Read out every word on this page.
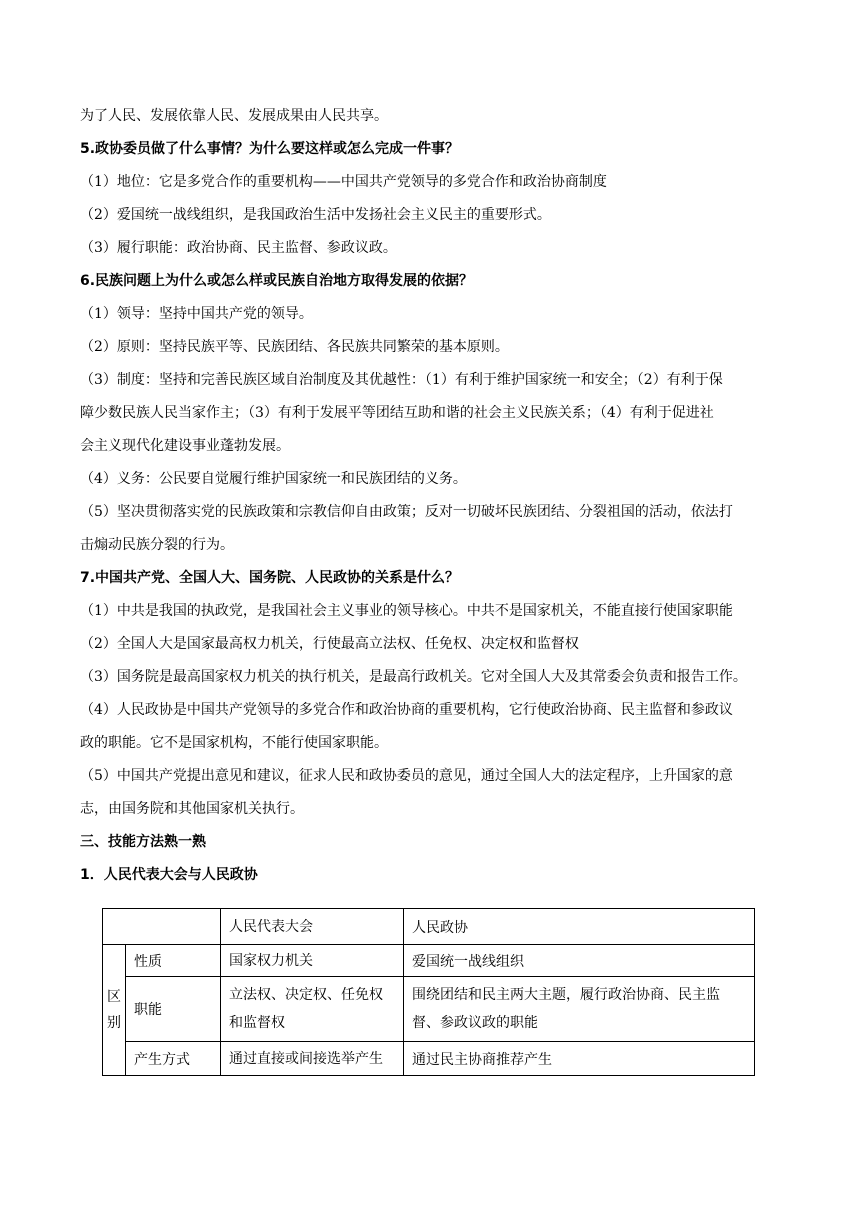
为了人民、发展依靠人民、发展成果由人民共享。
5.政协委员做了什么事情？为什么要这样或怎么完成一件事？
（1）地位：它是多党合作的重要机构——中国共产党领导的多党合作和政治协商制度
（2）爱国统一战线组织，是我国政治生活中发扬社会主义民主的重要形式。
（3）履行职能：政治协商、民主监督、参政议政。
6.民族问题上为什么或怎么样或民族自治地方取得发展的依据？
（1）领导：坚持中国共产党的领导。
（2）原则：坚持民族平等、民族团结、各民族共同繁荣的基本原则。
（3）制度：坚持和完善民族区域自治制度及其优越性：（1）有利于维护国家统一和安全；（2）有利于保
障少数民族人民当家作主；（3）有利于发展平等团结互助和谐的社会主义民族关系；（4）有利于促进社
会主义现代化建设事业蓬勃发展。
（4）义务：公民要自觉履行维护国家统一和民族团结的义务。
（5）坚决贯彻落实党的民族政策和宗教信仰自由政策；反对一切破坏民族团结、分裂祖国的活动，依法打
击煽动民族分裂的行为。
7.中国共产党、全国人大、国务院、人民政协的关系是什么？
（1）中共是我国的执政党，是我国社会主义事业的领导核心。中共不是国家机关，不能直接行使国家职能
（2）全国人大是国家最高权力机关，行使最高立法权、任免权、决定权和监督权
（3）国务院是最高国家权力机关的执行机关，是最高行政机关。它对全国人大及其常委会负责和报告工作。
（4）人民政协是中国共产党领导的多党合作和政治协商的重要机构，它行使政治协商、民主监督和参政议
政的职能。它不是国家机构，不能行使国家职能。
（5）中国共产党提出意见和建议，征求人民和政协委员的意见，通过全国人大的法定程序，上升国家的意
志，由国务院和其他国家机关执行。
三、技能方法熟一熟
1．人民代表大会与人民政协
		人民代表大会	人民政协
区别	性质	国家权力机关	爱国统一战线组织
	职能	立法权、决定权、任免权和监督权	围绕团结和民主两大主题，履行政治协商、民主监督、参政议政的职能
	产生方式	通过直接或间接选举产生	通过民主协商推荐产生
